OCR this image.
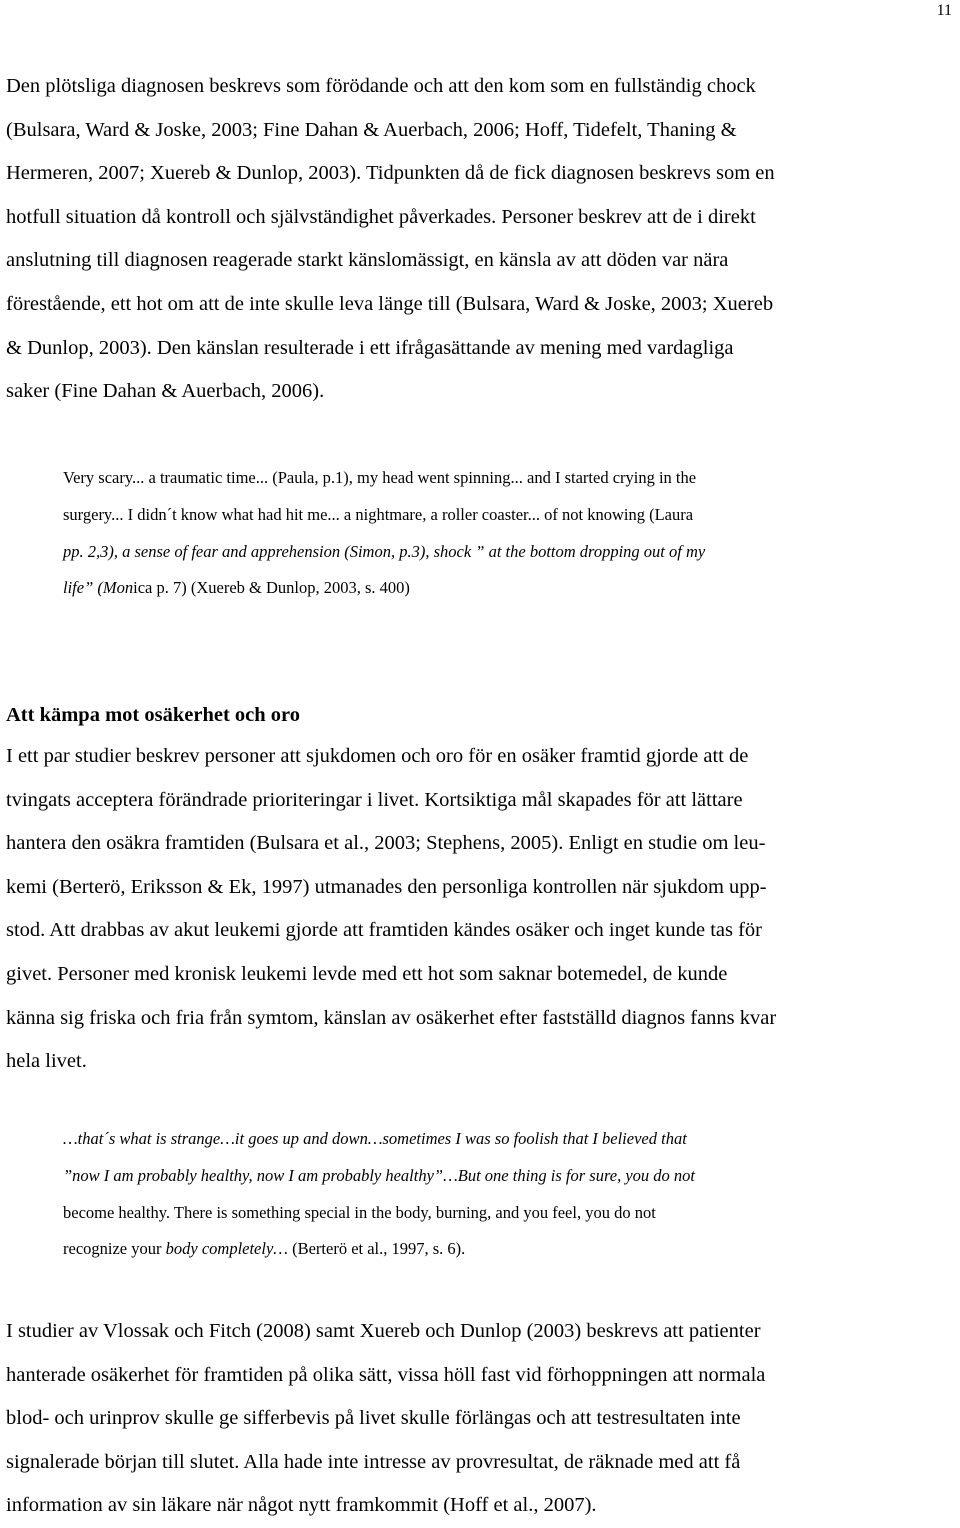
11

Den plötsliga diagnosen beskrevs som förödande och att den kom som en fullständig chock
(Bulsara, Ward & Joske, 2003; Fine Dahan & Auerbach, 2006; Hoff, Tidefelt, Thaning &
Hermeren, 2007; Xuereb & Dunlop, 2003). Tidpunkten då de fick diagnosen beskrevs som en
hotfull situation då kontroll och självständighet påverkades. Personer beskrev att de i direkt
anslutning till diagnosen reagerade starkt känslomässigt, en känsla av att döden var nära
förestående, ett hot om att de inte skulle leva länge till (Bulsara, Ward & Joske, 2003; Xuereb
& Dunlop, 2003). Den känslan resulterade i ett ifrågasättande av mening med vardagliga
saker (Fine Dahan & Auerbach, 2006).

Very scary... a traumatic time... (Paula, p.1), my head went spinning... and I started crying in the
surgery... I didn´t know what had hit me... a nightmare, a roller coaster... of not knowing (Laura
pp. 2,3), a sense of fear and apprehension (Simon, p.3), shock ” at the bottom dropping out of my
life” (Monica p. 7) (Xuereb & Dunlop, 2003, s. 400)
Att kämpa mot osäkerhet och oro

I ett par studier beskrev personer att sjukdomen och oro för en osäker framtid gjorde att de
tvingats acceptera förändrade prioriteringar i livet. Kortsiktiga mål skapades för att lättare
hantera den osäkra framtiden (Bulsara et al., 2003; Stephens, 2005). Enligt en studie om leu-
kemi (Berterö, Eriksson & Ek, 1997) utmanades den personliga kontrollen när sjukdom upp-
stod. Att drabbas av akut leukemi gjorde att framtiden kändes osäker och inget kunde tas för
givet. Personer med kronisk leukemi levde med ett hot som saknar botemedel, de kunde
känna sig friska och fria från symtom, känslan av osäkerhet efter fastställd diagnos fanns kvar
hela livet.

…that´s what is strange…it goes up and down…sometimes I was so foolish that I believed that
”now I am probably healthy, now I am probably healthy”…But one thing is for sure, you do not
become healthy. There is something special in the body, burning, and you feel, you do not
recognize your body completely… (Berterö et al., 1997, s. 6).

I studier av Vlossak och Fitch (2008) samt Xuereb och Dunlop (2003) beskrevs att patienter
hanterade osäkerhet för framtiden på olika sätt, vissa höll fast vid förhoppningen att normala
blod- och urinprov skulle ge sifferbevis på livet skulle förlängas och att testresultaten inte
signalerade början till slutet. Alla hade inte intresse av provresultat, de räknade med att få
information av sin läkare när något nytt framkommit (Hoff et al., 2007).
